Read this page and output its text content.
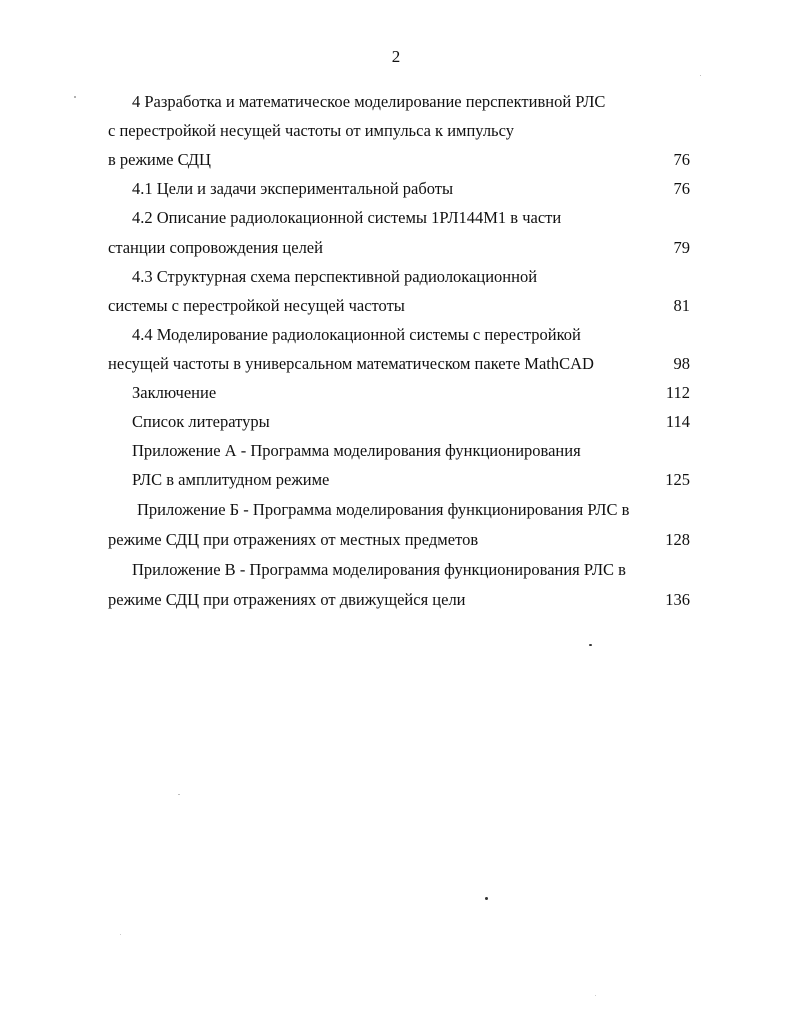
2
4 Разработка и математическое моделирование перспективной РЛС
с перестройкой несущей частоты от импульса к импульсу
в режиме СДЦ	76
4.1 Цели и задачи экспериментальной работы	76
4.2 Описание радиолокационной системы 1РЛ144М1 в части
станции сопровождения целей	79
4.3 Структурная схема перспективной радиолокационной
системы с перестройкой несущей частоты	81
4.4 Моделирование радиолокационной системы с перестройкой
несущей частоты в универсальном математическом пакете MathCAD	98
Заключение	112
Список литературы	114
Приложение А - Программа моделирования функционирования
РЛС в амплитудном режиме	125
Приложение Б - Программа моделирования функционирования РЛС в
режиме СДЦ при отражениях от местных предметов	128
Приложение В - Программа моделирования функционирования РЛС в
режиме СДЦ при отражениях от движущейся цели	136
